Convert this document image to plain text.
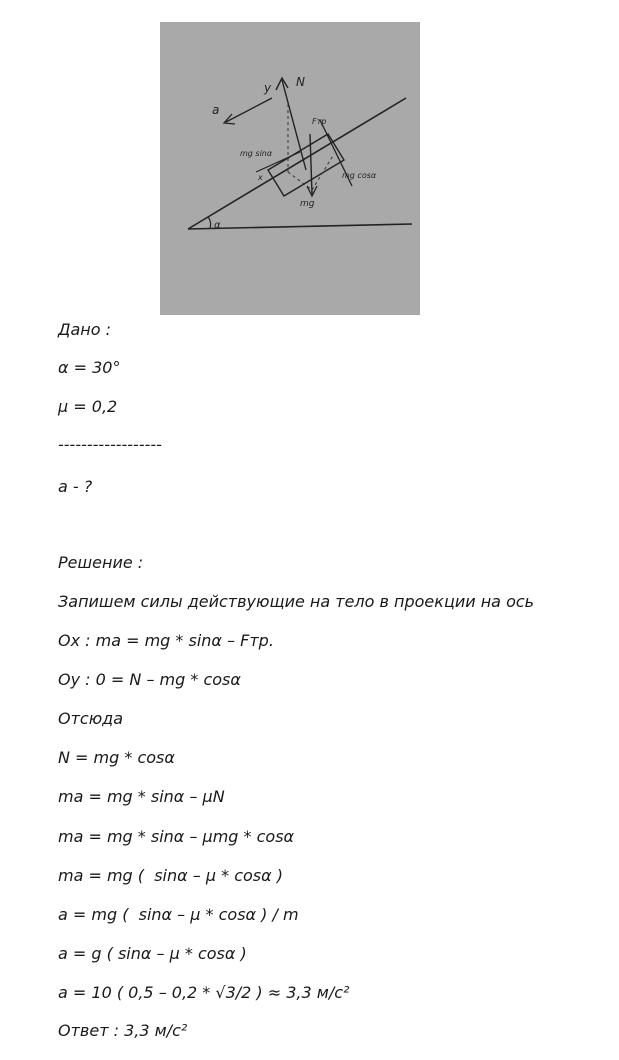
a
y N
Fтр
mg sinα
x	mg cosα
mg
α
Дано :
α = 30°
μ = 0,2
------------------
a - ?
Решение :
Запишем силы действующие на тело в проекции на ось
Ox : ma = mg * sinα – Fтр.
Oy : 0 = N – mg * cosα
Отсюда
N = mg * cosα
ma = mg * sinα – μN
ma = mg * sinα – μmg * cosα
ma = mg (  sinα – μ * cosα )
a = mg (  sinα – μ * cosα ) / m
a = g ( sinα – μ * cosα )
a = 10 ( 0,5 – 0,2 * √3/2 ) ≈ 3,3 м/с²
Ответ : 3,3 м/с²
